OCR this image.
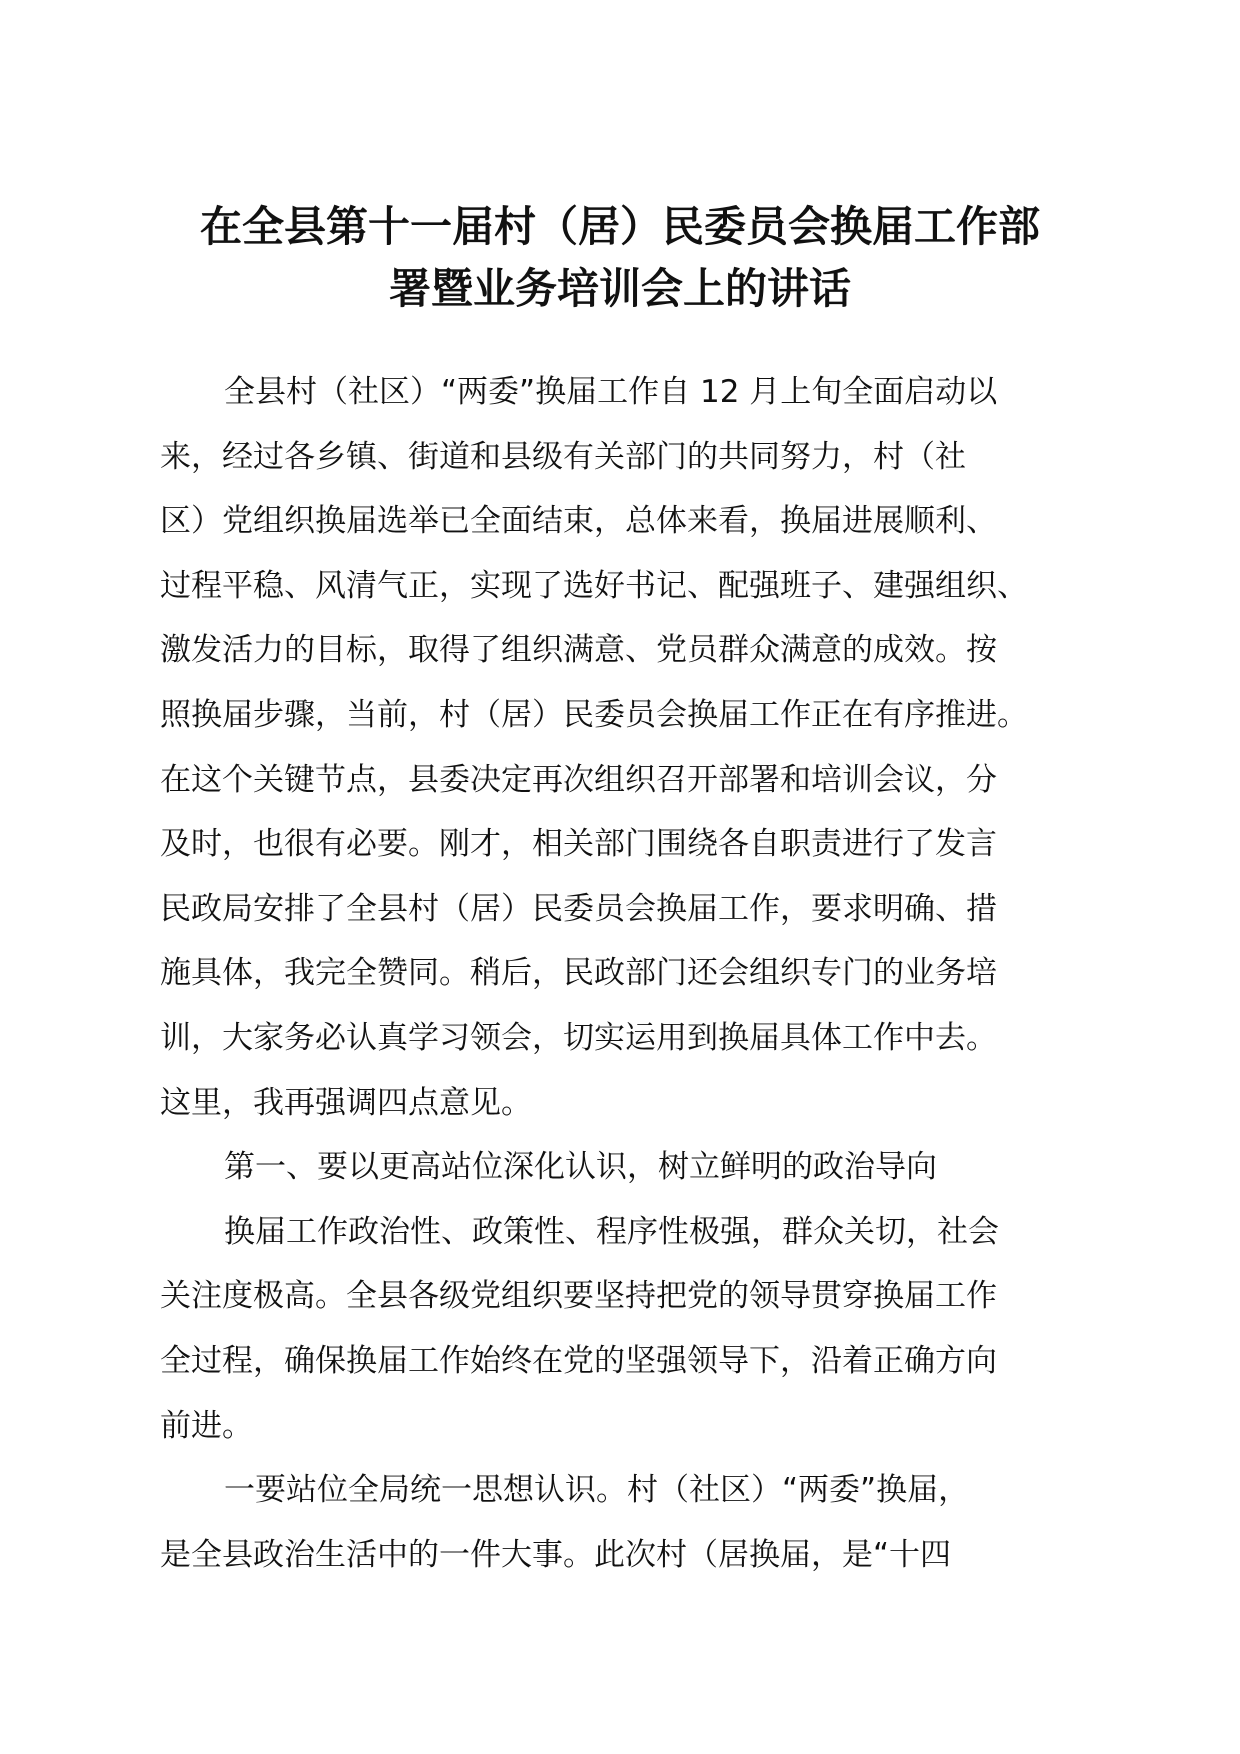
在全县第十一届村（居）民委员会换届工作部
署暨业务培训会上的讲话
全县村（社区）“两委”换届工作自 12 月上旬全面启动以
来，经过各乡镇、街道和县级有关部门的共同努力，村（社
区）党组织换届选举已全面结束，总体来看，换届进展顺利、
过程平稳、风清气正，实现了选好书记、配强班子、建强组织、
激发活力的目标，取得了组织满意、党员群众满意的成效。按
照换届步骤，当前，村（居）民委员会换届工作正在有序推进。
在这个关键节点，县委决定再次组织召开部署和培训会议，分
及时，也很有必要。刚才，相关部门围绕各自职责进行了发言
民政局安排了全县村（居）民委员会换届工作，要求明确、措
施具体，我完全赞同。稍后，民政部门还会组织专门的业务培
训，大家务必认真学习领会，切实运用到换届具体工作中去。
这里，我再强调四点意见。
第一、要以更高站位深化认识，树立鲜明的政治导向
换届工作政治性、政策性、程序性极强，群众关切，社会
关注度极高。全县各级党组织要坚持把党的领导贯穿换届工作
全过程，确保换届工作始终在党的坚强领导下，沿着正确方向
前进。
一要站位全局统一思想认识。村（社区）“两委”换届，
是全县政治生活中的一件大事。此次村（居换届，是“十四
